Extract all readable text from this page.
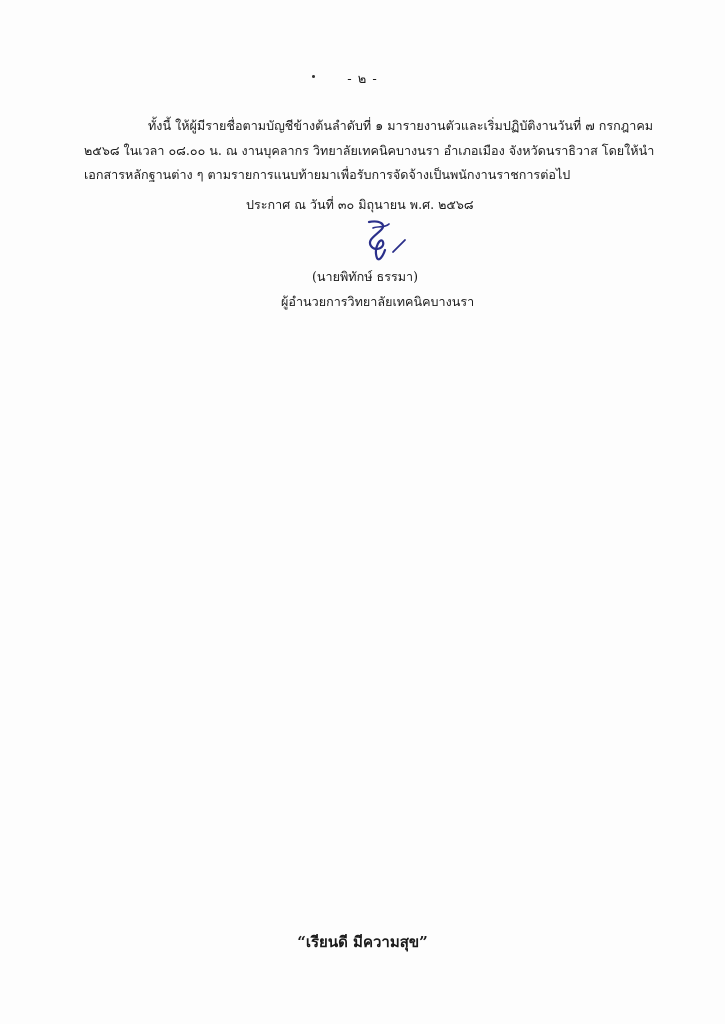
- ๒ -
ทั้งนี้ ให้ผู้มีรายชื่อตามบัญชีข้างต้นลำดับที่ ๑ มารายงานตัวและเริ่มปฏิบัติงานวันที่ ๗ กรกฎาคม
๒๕๖๘ ในเวลา ๐๘.๐๐ น. ณ งานบุคลากร วิทยาลัยเทคนิคบางนรา อำเภอเมือง จังหวัดนราธิวาส โดยให้นำ
เอกสารหลักฐานต่าง ๆ ตามรายการแนบท้ายมาเพื่อรับการจัดจ้างเป็นพนักงานราชการต่อไป
ประกาศ ณ วันที่ ๓๐ มิถุนายน พ.ศ. ๒๕๖๘
(นายพิทักษ์ ธรรมา)
ผู้อำนวยการวิทยาลัยเทคนิคบางนรา
“เรียนดี มีความสุข”
